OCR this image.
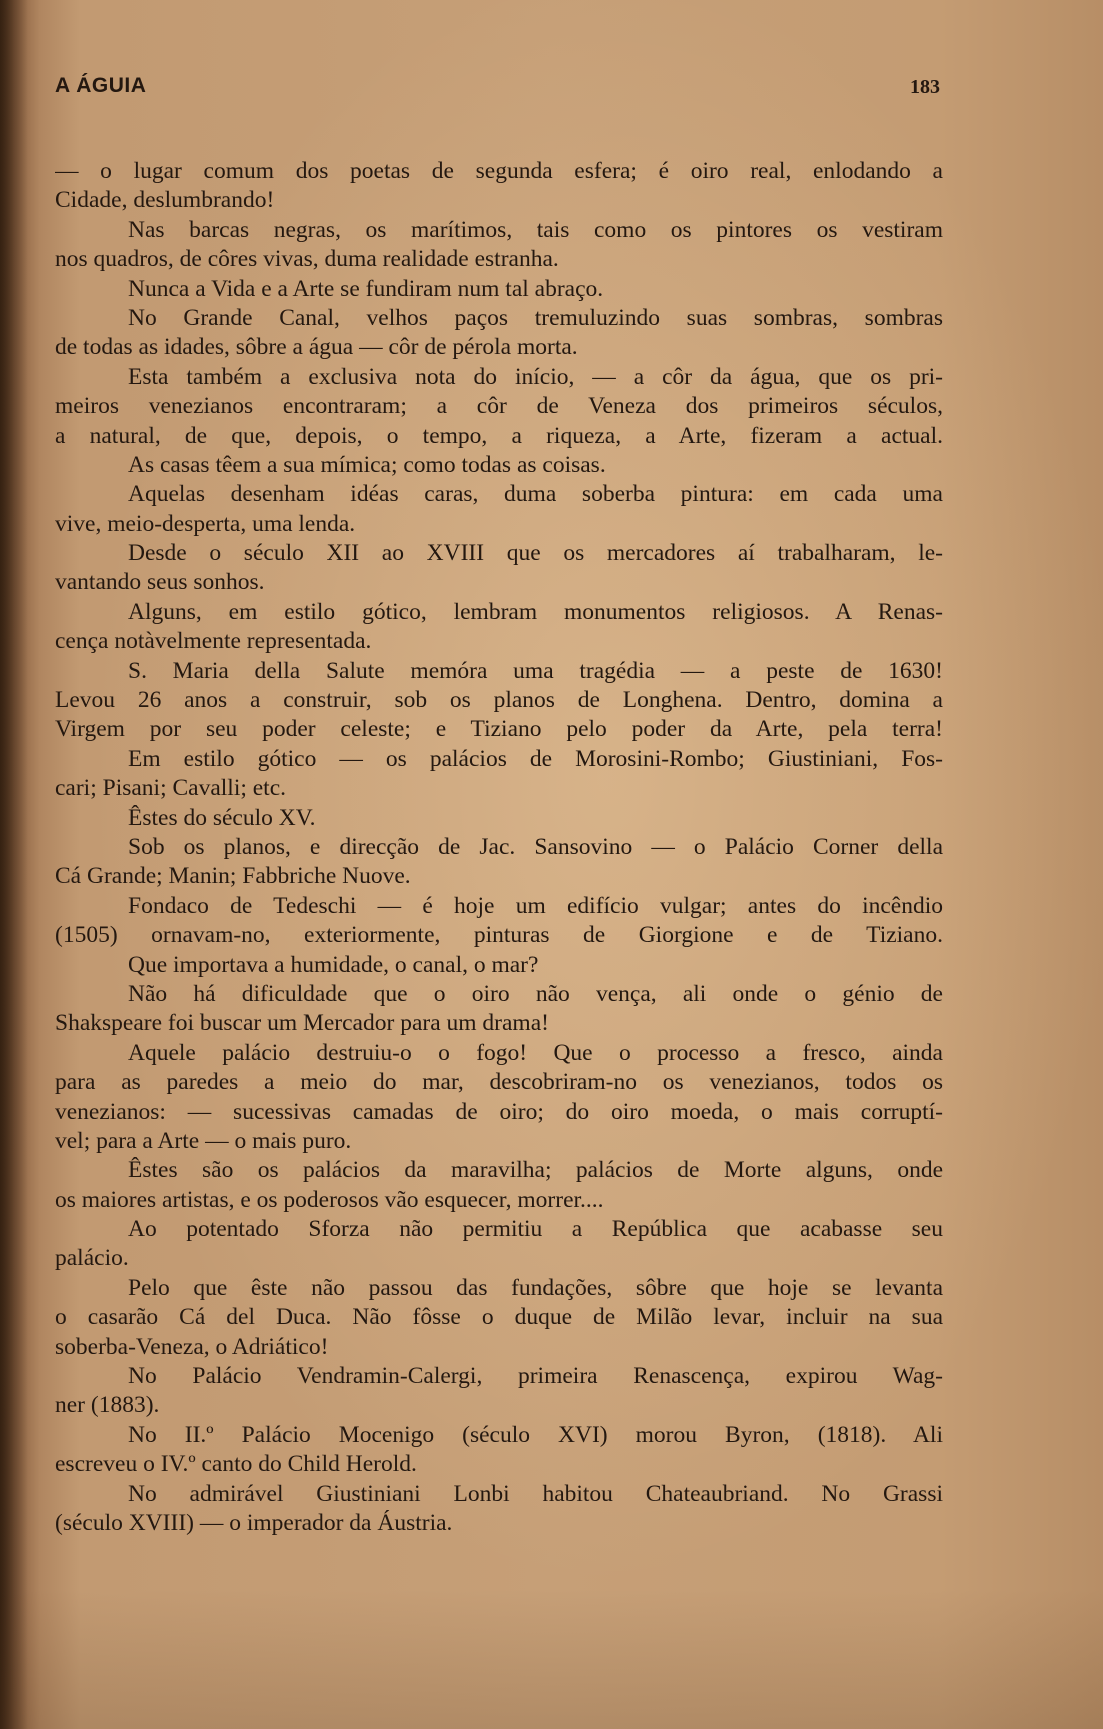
A ÁGUIA	183
— o lugar comum dos poetas de segunda esfera; é oiro real, enlodando a
Cidade, deslumbrando!
Nas barcas negras, os marítimos, tais como os pintores os vestiram
nos quadros, de côres vivas, duma realidade estranha.
Nunca a Vida e a Arte se fundiram num tal abraço.
No Grande Canal, velhos paços tremuluzindo suas sombras, sombras
de todas as idades, sôbre a água — côr de pérola morta.
Esta também a exclusiva nota do início, — a côr da água, que os pri-
meiros venezianos encontraram; a côr de Veneza dos primeiros séculos,
a natural, de que, depois, o tempo, a riqueza, a Arte, fizeram a actual.
As casas têem a sua mímica; como todas as coisas.
Aquelas desenham idéas caras, duma soberba pintura: em cada uma
vive, meio-desperta, uma lenda.
Desde o século XII ao XVIII que os mercadores aí trabalharam, le-
vantando seus sonhos.
Alguns, em estilo gótico, lembram monumentos religiosos. A Renas-
cença notàvelmente representada.
S. Maria della Salute memóra uma tragédia — a peste de 1630!
Levou 26 anos a construir, sob os planos de Longhena. Dentro, domina a
Virgem por seu poder celeste; e Tiziano pelo poder da Arte, pela terra!
Em estilo gótico — os palácios de Morosini-Rombo; Giustiniani, Fos-
cari; Pisani; Cavalli; etc.
Êstes do século XV.
Sob os planos, e direcção de Jac. Sansovino — o Palácio Corner della
Cá Grande; Manin; Fabbriche Nuove.
Fondaco de Tedeschi — é hoje um edifício vulgar; antes do incêndio
(1505) ornavam-no, exteriormente, pinturas de Giorgione e de Tiziano.
Que importava a humidade, o canal, o mar?
Não há dificuldade que o oiro não vença, ali onde o génio de
Shakspeare foi buscar um Mercador para um drama!
Aquele palácio destruiu-o o fogo! Que o processo a fresco, ainda
para as paredes a meio do mar, descobriram-no os venezianos, todos os
venezianos: — sucessivas camadas de oiro; do oiro moeda, o mais corruptí-
vel; para a Arte — o mais puro.
Êstes são os palácios da maravilha; palácios de Morte alguns, onde
os maiores artistas, e os poderosos vão esquecer, morrer....
Ao potentado Sforza não permitiu a República que acabasse seu
palácio.
Pelo que êste não passou das fundações, sôbre que hoje se levanta
o casarão Cá del Duca. Não fôsse o duque de Milão levar, incluir na sua
soberba-Veneza, o Adriático!
No Palácio Vendramin-Calergi, primeira Renascença, expirou Wag-
ner (1883).
No II.º Palácio Mocenigo (século XVI) morou Byron, (1818). Ali
escreveu o IV.º canto do Child Herold.
No admirável Giustiniani Lonbi habitou Chateaubriand. No Grassi
(século XVIII) — o imperador da Áustria.
